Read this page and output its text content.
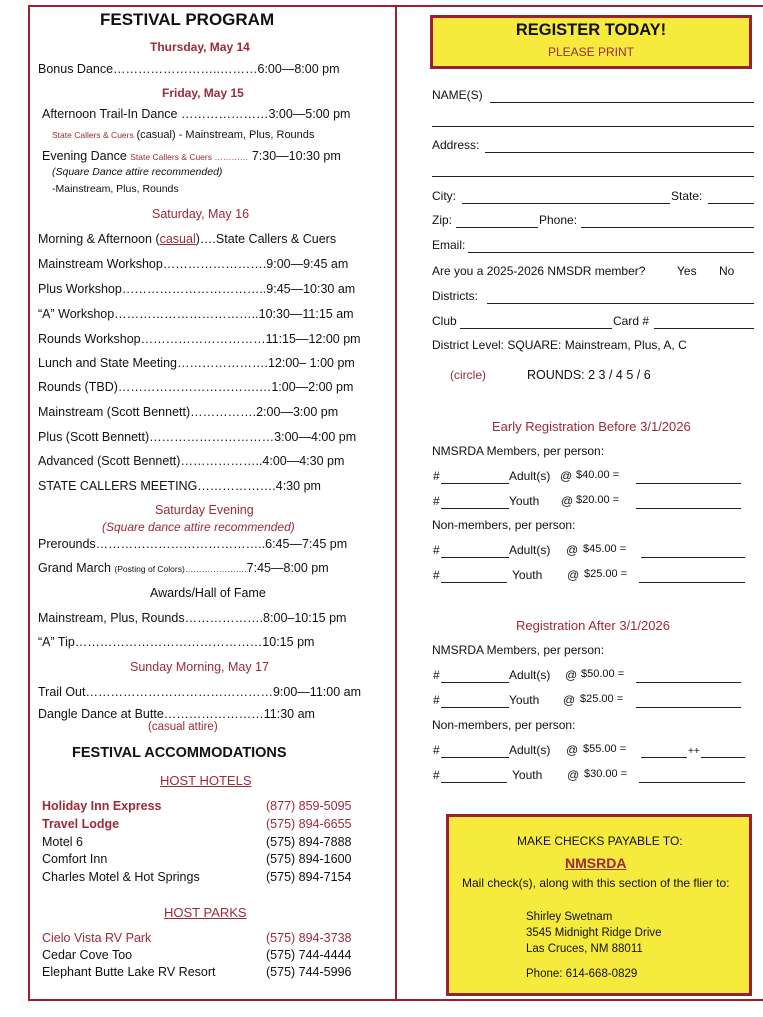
FESTIVAL PROGRAM
Thursday, May 14
Bonus Dance……………………..………6:00—8:00 pm
Friday, May 15
Afternoon Trail-In Dance …………………3:00—5:00 pm
State Callers & Cuers (casual) - Mainstream, Plus, Rounds
Evening Dance State Callers & Cuers ………… 7:30—10:30 pm
(Square Dance attire recommended)
-Mainstream, Plus, Rounds
Saturday, May 16
Morning & Afternoon (casual)….State Callers & Cuers
Mainstream Workshop…………………….9:00—9:45 am
Plus Workshop……………………………..9:45—10:30 am
“A” Workshop……………………………..10:30—11:15 am
Rounds Workshop…………………………11:15—12:00 pm
Lunch and State Meeting………………….12:00– 1:00 pm
Rounds (TBD)…………………………….…1:00—2:00 pm
Mainstream (Scott Bennett)…………….2:00—3:00 pm
Plus (Scott Bennett)…………………………3:00—4:00 pm
Advanced (Scott Bennett)………………..4:00—4:30 pm
STATE CALLERS MEETING……………….4:30 pm
Saturday Evening
(Square dance attire recommended)
Prerounds…………………………………..6:45—7:45 pm
Grand March (Posting of Colors)………………….7:45—8:00 pm
Awards/Hall of Fame
Mainstream, Plus, Rounds……………….8:00–10:15 pm
“A” Tip………………………………………10:15 pm
Sunday Morning, May 17
Trail Out………………………………………9:00—11:00 am
Dangle Dance at Butte……………………11:30 am
(casual attire)
FESTIVAL ACCOMMODATIONS
HOST HOTELS
Holiday Inn Express	(877) 859-5095
Travel Lodge	(575) 894-6655
Motel 6	(575) 894-7888
Comfort Inn	(575) 894-1600
Charles Motel & Hot Springs	(575) 894-7154
HOST PARKS
Cielo Vista RV Park	(575) 894-3738
Cedar Cove Too	(575) 744-4444
Elephant Butte Lake RV Resort	(575) 744-5996
REGISTER TODAY!
PLEASE PRINT
NAME(S)
Address:
City:	State:
Zip:	Phone:
Email:
Are you a 2025-2026 NMSDR member?	Yes No
Districts:
Club	Card #
District Level: SQUARE: Mainstream, Plus, A, C
(circle)	ROUNDS: 2 3 / 4 5 / 6
Early Registration Before 3/1/2026
NMSRDA Members, per person:
#	Adult(s) @ $40.00 =
#	Youth @ $20.00 =
Non-members, per person:
#	Adult(s) @ $45.00 =
#	Youth @ $25.00 =
Registration After 3/1/2026
NMSRDA Members, per person:
#	Adult(s) @ $50.00 =
#	Youth @ $25.00 =
Non-members, per person:
#	Adult(s) @ $55.00 =	++
#	Youth @ $30.00 =
MAKE CHECKS PAYABLE TO:
NMSRDA
Mail check(s), along with this section of the flier to:
Shirley Swetnam
3545 Midnight Ridge Drive
Las Cruces, NM 88011
Phone: 614-668-0829
